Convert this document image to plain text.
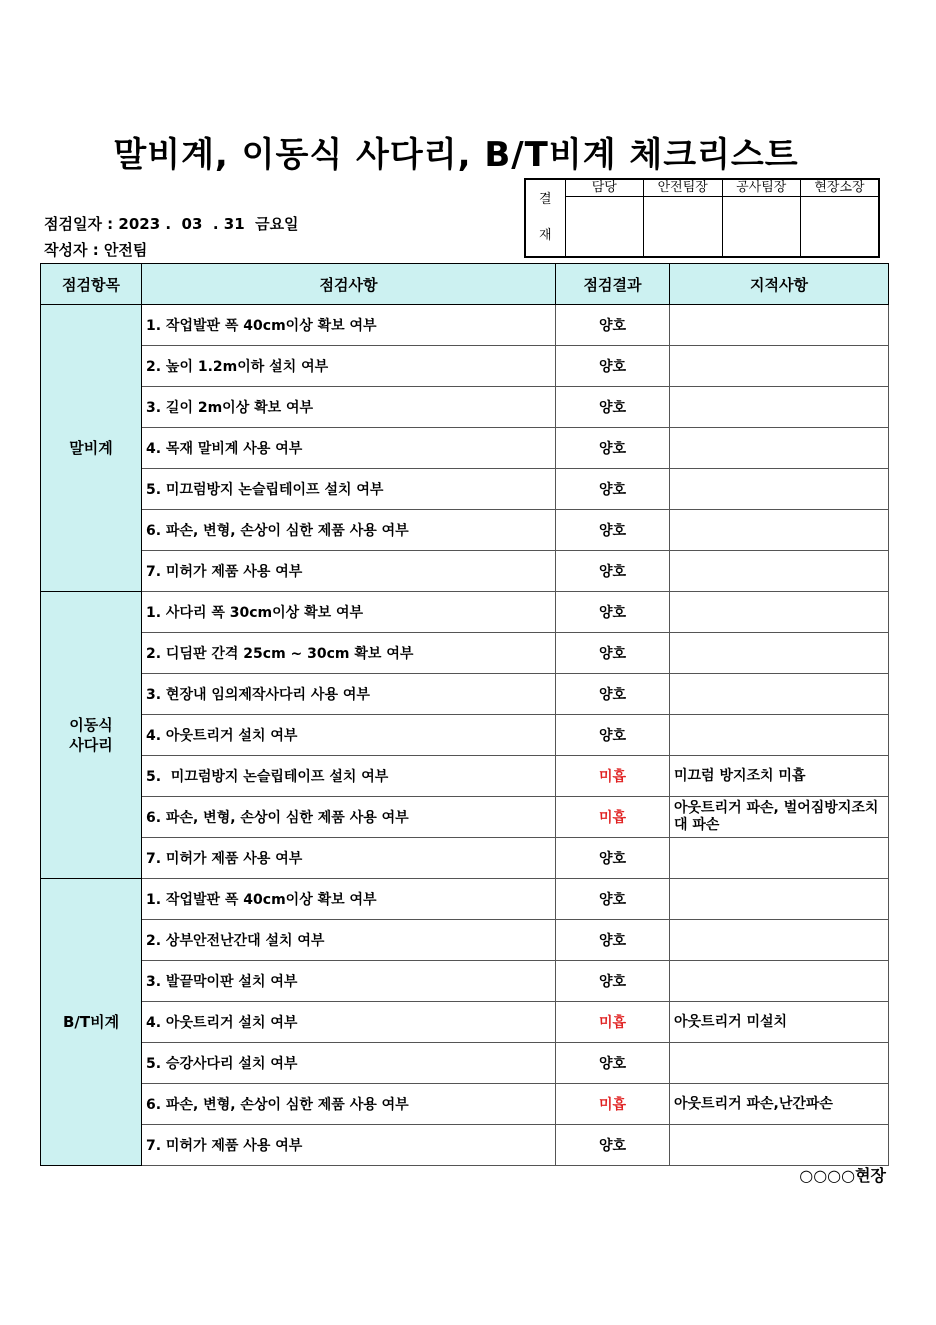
말비계, 이동식 사다리, B/T비계 체크리스트
점검일자 : 2023 .  03  . 31  금요일
작성자 : 안전팀
결
재	담당	안전팀장	공사팀장	현장소장

점검항목	점검사항	점검결과	지적사항

말비계	1. 작업발판 폭 40cm이상 확보 여부	양호	
	2. 높이 1.2m이하 설치 여부	양호	
	3. 길이 2m이상 확보 여부	양호	
	4. 목재 말비계 사용 여부	양호	
	5. 미끄럼방지 논슬립테이프 설치 여부	양호	
	6. 파손, 변형, 손상이 심한 제품 사용 여부	양호	
	7. 미허가 제품 사용 여부	양호	

이동식
사다리	1. 사다리 폭 30cm이상 확보 여부	양호	
	2. 디딤판 간격 25cm ~ 30cm 확보 여부	양호	
	3. 현장내 임의제작사다리 사용 여부	양호	
	4. 아웃트리거 설치 여부	양호	
	5.  미끄럼방지 논슬립테이프 설치 여부	미흡	미끄럼 방지조치 미흡
	6. 파손, 변형, 손상이 심한 제품 사용 여부	미흡	아웃트리거 파손, 벌어짐방지조치대 파손
	7. 미허가 제품 사용 여부	양호	

B/T비계	1. 작업발판 폭 40cm이상 확보 여부	양호	
	2. 상부안전난간대 설치 여부	양호	
	3. 발끝막이판 설치 여부	양호	
	4. 아웃트리거 설치 여부	미흡	아웃트리거 미설치
	5. 승강사다리 설치 여부	양호	
	6. 파손, 변형, 손상이 심한 제품 사용 여부	미흡	아웃트리거 파손,난간파손
	7. 미허가 제품 사용 여부	양호	
○○○○현장
